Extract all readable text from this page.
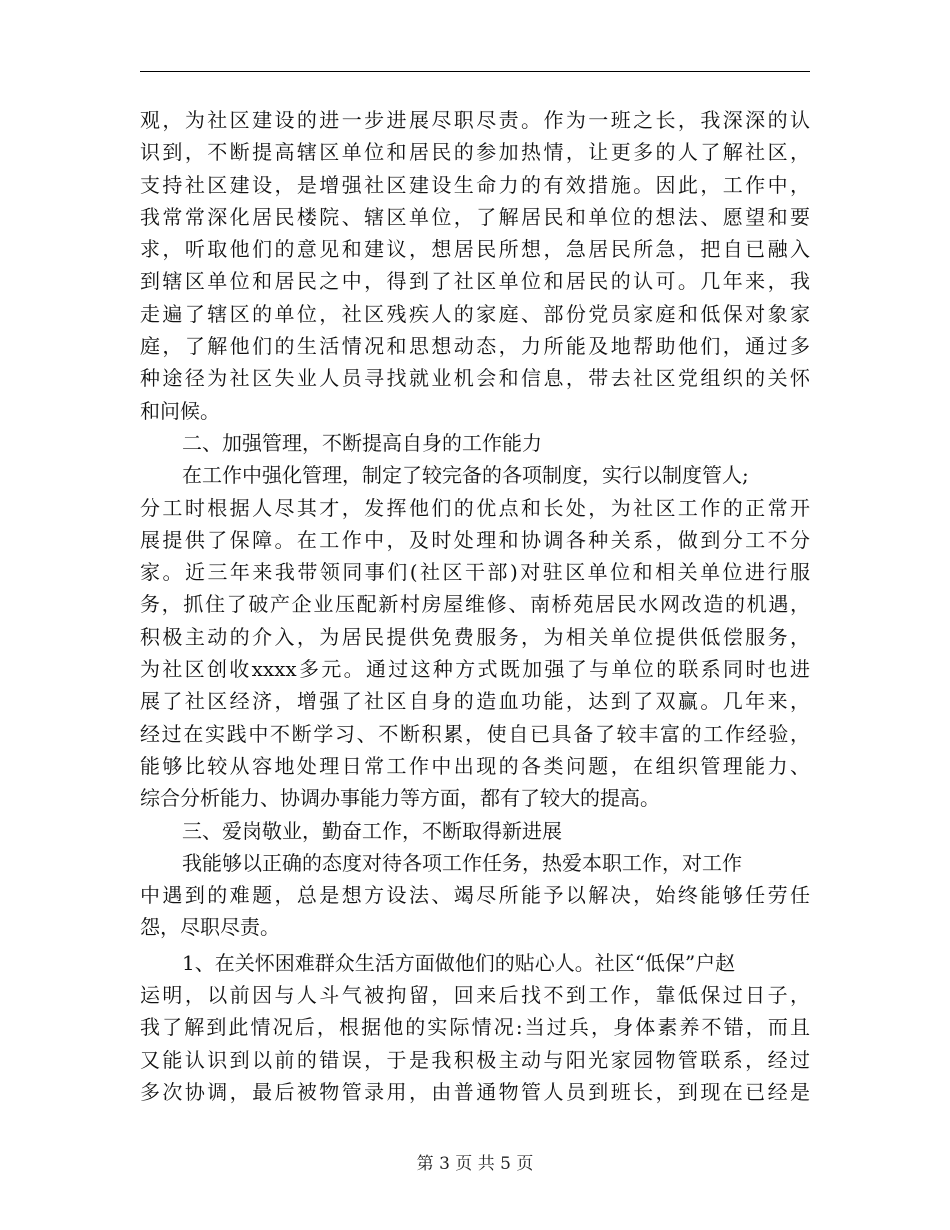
观，为社区建设的进一步进展尽职尽责。作为一班之长，我深深的认
识到，不断提高辖区单位和居民的参加热情，让更多的人了解社区，
支持社区建设，是增强社区建设生命力的有效措施。因此，工作中，
我常常深化居民楼院、辖区单位，了解居民和单位的想法、愿望和要
求，听取他们的意见和建议，想居民所想，急居民所急，把自已融入
到辖区单位和居民之中，得到了社区单位和居民的认可。几年来，我
走遍了辖区的单位，社区残疾人的家庭、部份党员家庭和低保对象家
庭，了解他们的生活情况和思想动态，力所能及地帮助他们，通过多
种途径为社区失业人员寻找就业机会和信息，带去社区党组织的关怀
和问候。
二、加强管理，不断提高自身的工作能力
在工作中强化管理，制定了较完备的各项制度，实行以制度管人;
分工时根据人尽其才，发挥他们的优点和长处，为社区工作的正常开
展提供了保障。在工作中，及时处理和协调各种关系，做到分工不分
家。近三年来我带领同事们(社区干部)对驻区单位和相关单位进行服
务，抓住了破产企业压配新村房屋维修、南桥苑居民水网改造的机遇，
积极主动的介入，为居民提供免费服务，为相关单位提供低偿服务，
为社区创收xxxx多元。通过这种方式既加强了与单位的联系同时也进
展了社区经济，增强了社区自身的造血功能，达到了双赢。几年来，
经过在实践中不断学习、不断积累，使自已具备了较丰富的工作经验，
能够比较从容地处理日常工作中出现的各类问题，在组织管理能力、
综合分析能力、协调办事能力等方面，都有了较大的提高。
三、爱岗敬业，勤奋工作，不断取得新进展
我能够以正确的态度对待各项工作任务，热爱本职工作，对工作
中遇到的难题，总是想方设法、竭尽所能予以解决，始终能够任劳任
怨，尽职尽责。
1、在关怀困难群众生活方面做他们的贴心人。社区“低保”户赵
运明，以前因与人斗气被拘留，回来后找不到工作，靠低保过日子，
我了解到此情况后，根据他的实际情况:当过兵，身体素养不错，而且
又能认识到以前的错误，于是我积极主动与阳光家园物管联系，经过
多次协调，最后被物管录用，由普通物管人员到班长，到现在已经是
第 3 页 共 5 页
